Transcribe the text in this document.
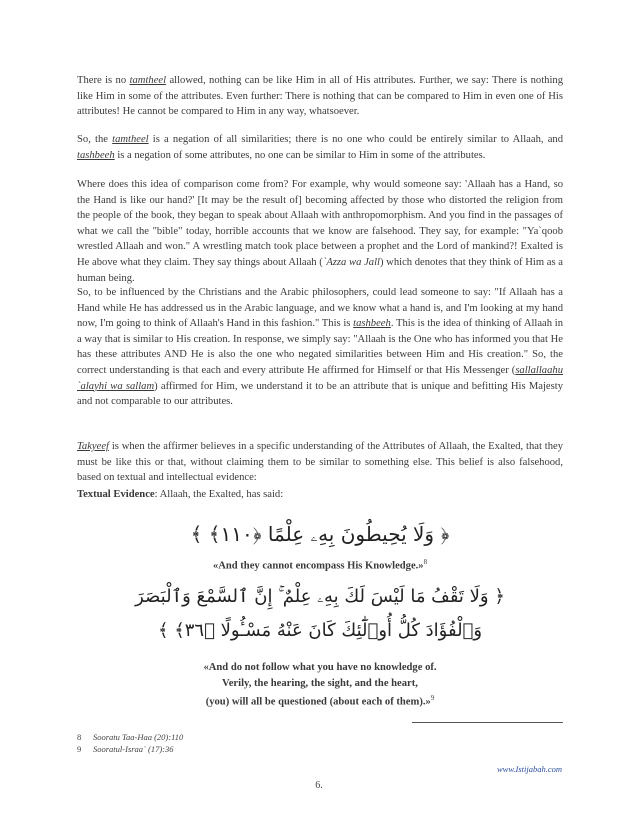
There is no tamtheel allowed, nothing can be like Him in all of His attributes. Further, we say: There is nothing like Him in some of the attributes. Even further: There is nothing that can be compared to Him in even one of His attributes! He cannot be compared to Him in any way, whatsoever.

So, the tamtheel is a negation of all similarities; there is no one who could be entirely similar to Allaah, and tashbeeh is a negation of some attributes, no one can be similar to Him in some of the attributes.

Where does this idea of comparison come from? For example, why would someone say: 'Allaah has a Hand, so the Hand is like our hand?' [It may be the result of] becoming affected by those who distorted the religion from the people of the book, they began to speak about Allaah with anthropomorphism. And you find in the passages of what we call the "bible" today, horrible accounts that we know are falsehood. They say, for example: "Ya`qoob wrestled Allaah and won." A wrestling match took place between a prophet and the Lord of mankind?! Exalted is He above what they claim. They say things about Allaah (`Azza wa Jall) which denotes that they think of Him as a human being.

So, to be influenced by the Christians and the Arabic philosophers, could lead someone to say: "If Allaah has a Hand while He has addressed us in the Arabic language, and we know what a hand is, and I'm looking at my hand now, I'm going to think of Allaah's Hand in this fashion." This is tashbeeh. This is the idea of thinking of Allaah in a way that is similar to His creation. In response, we simply say: "Allaah is the One who has informed you that He has these attributes AND He is also the one who negated similarities between Him and His creation." So, the correct understanding is that each and every attribute He affirmed for Himself or that His Messenger (sallallaahu `alayhi wa sallam) affirmed for Him, we understand it to be an attribute that is unique and befitting His Majesty and not comparable to our attributes.

Takyeef is when the affirmer believes in a specific understanding of the Attributes of Allaah, the Exalted, that they must be like this or that, without claiming them to be similar to something else. This belief is also falsehood, based on textual and intellectual evidence:

Textual Evidence: Allaah, the Exalted, has said:

﴿ وَلَا يُحِيطُونَ بِهِۦ عِلْمًا ﴿١١٠﴾ ﴾
«And they cannot encompass His Knowledge.»$^8$
﴿ وَلَا تَقْفُ مَا لَيْسَ لَكَ بِهِۦ عِلْمٌ ۚ إِنَّ ٱلسَّمْعَ وَٱلْبَصَرَ
وَٱلْفُؤَادَ كُلُّ أُو۟لَٰٓئِكَ كَانَ عَنْهُ مَسْـُٔولًا ﴿٣٦﴾ ﴾
«And do not follow what you have no knowledge of.
Verily, the hearing, the sight, and the heart,
(you) will all be questioned (about each of them).»$^9$
8 Sooratu Taa-Haa (20):110
9 Sooratul-Israa` (17):36
www.Istijabah.com
6.
